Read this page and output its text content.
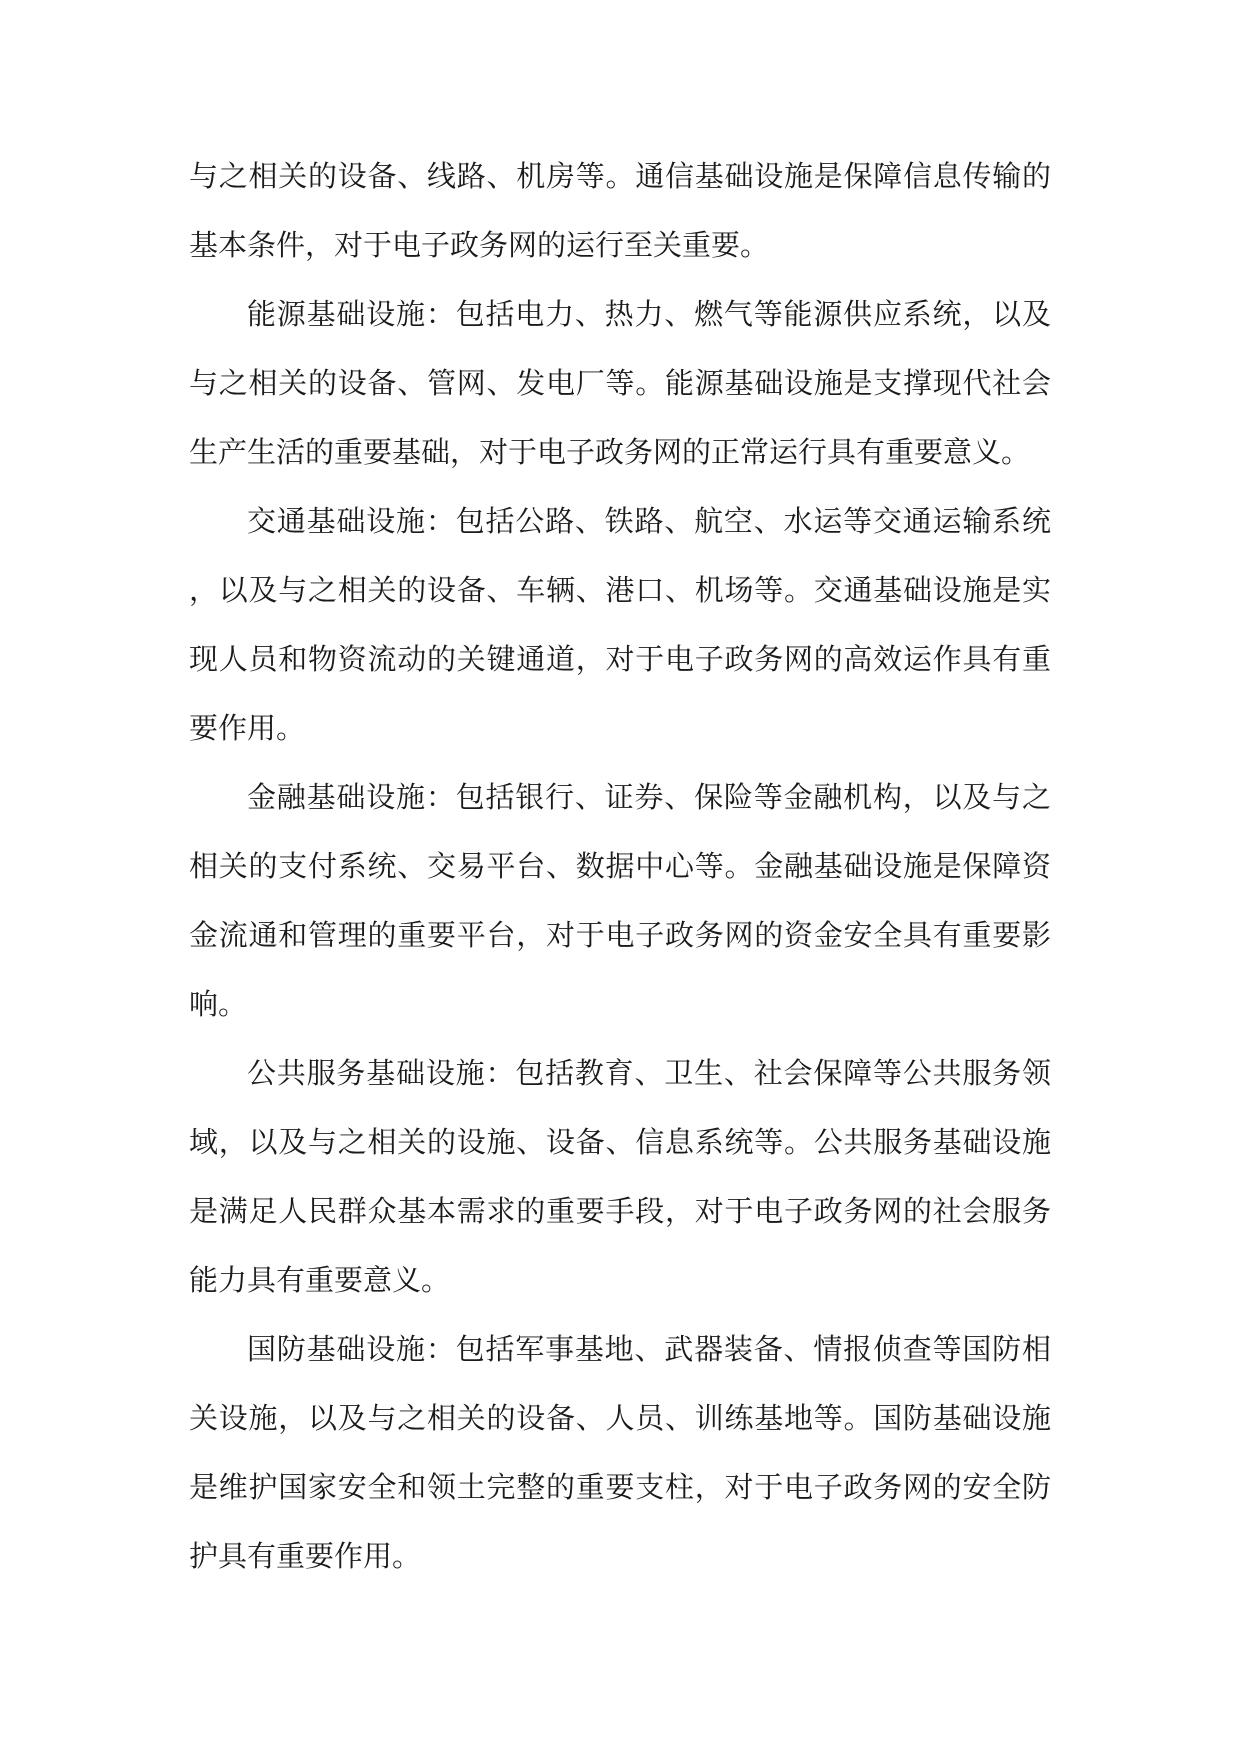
与之相关的设备、线路、机房等。通信基础设施是保障信息传输的基本条件，对于电子政务网的运行至关重要。

能源基础设施：包括电力、热力、燃气等能源供应系统，以及与之相关的设备、管网、发电厂等。能源基础设施是支撑现代社会生产生活的重要基础，对于电子政务网的正常运行具有重要意义。

交通基础设施：包括公路、铁路、航空、水运等交通运输系统，以及与之相关的设备、车辆、港口、机场等。交通基础设施是实现人员和物资流动的关键通道，对于电子政务网的高效运作具有重要作用。

金融基础设施：包括银行、证券、保险等金融机构，以及与之相关的支付系统、交易平台、数据中心等。金融基础设施是保障资金流通和管理的重要平台，对于电子政务网的资金安全具有重要影响。

公共服务基础设施：包括教育、卫生、社会保障等公共服务领域，以及与之相关的设施、设备、信息系统等。公共服务基础设施是满足人民群众基本需求的重要手段，对于电子政务网的社会服务能力具有重要意义。

国防基础设施：包括军事基地、武器装备、情报侦查等国防相关设施，以及与之相关的设备、人员、训练基地等。国防基础设施是维护国家安全和领土完整的重要支柱，对于电子政务网的安全防护具有重要作用。
